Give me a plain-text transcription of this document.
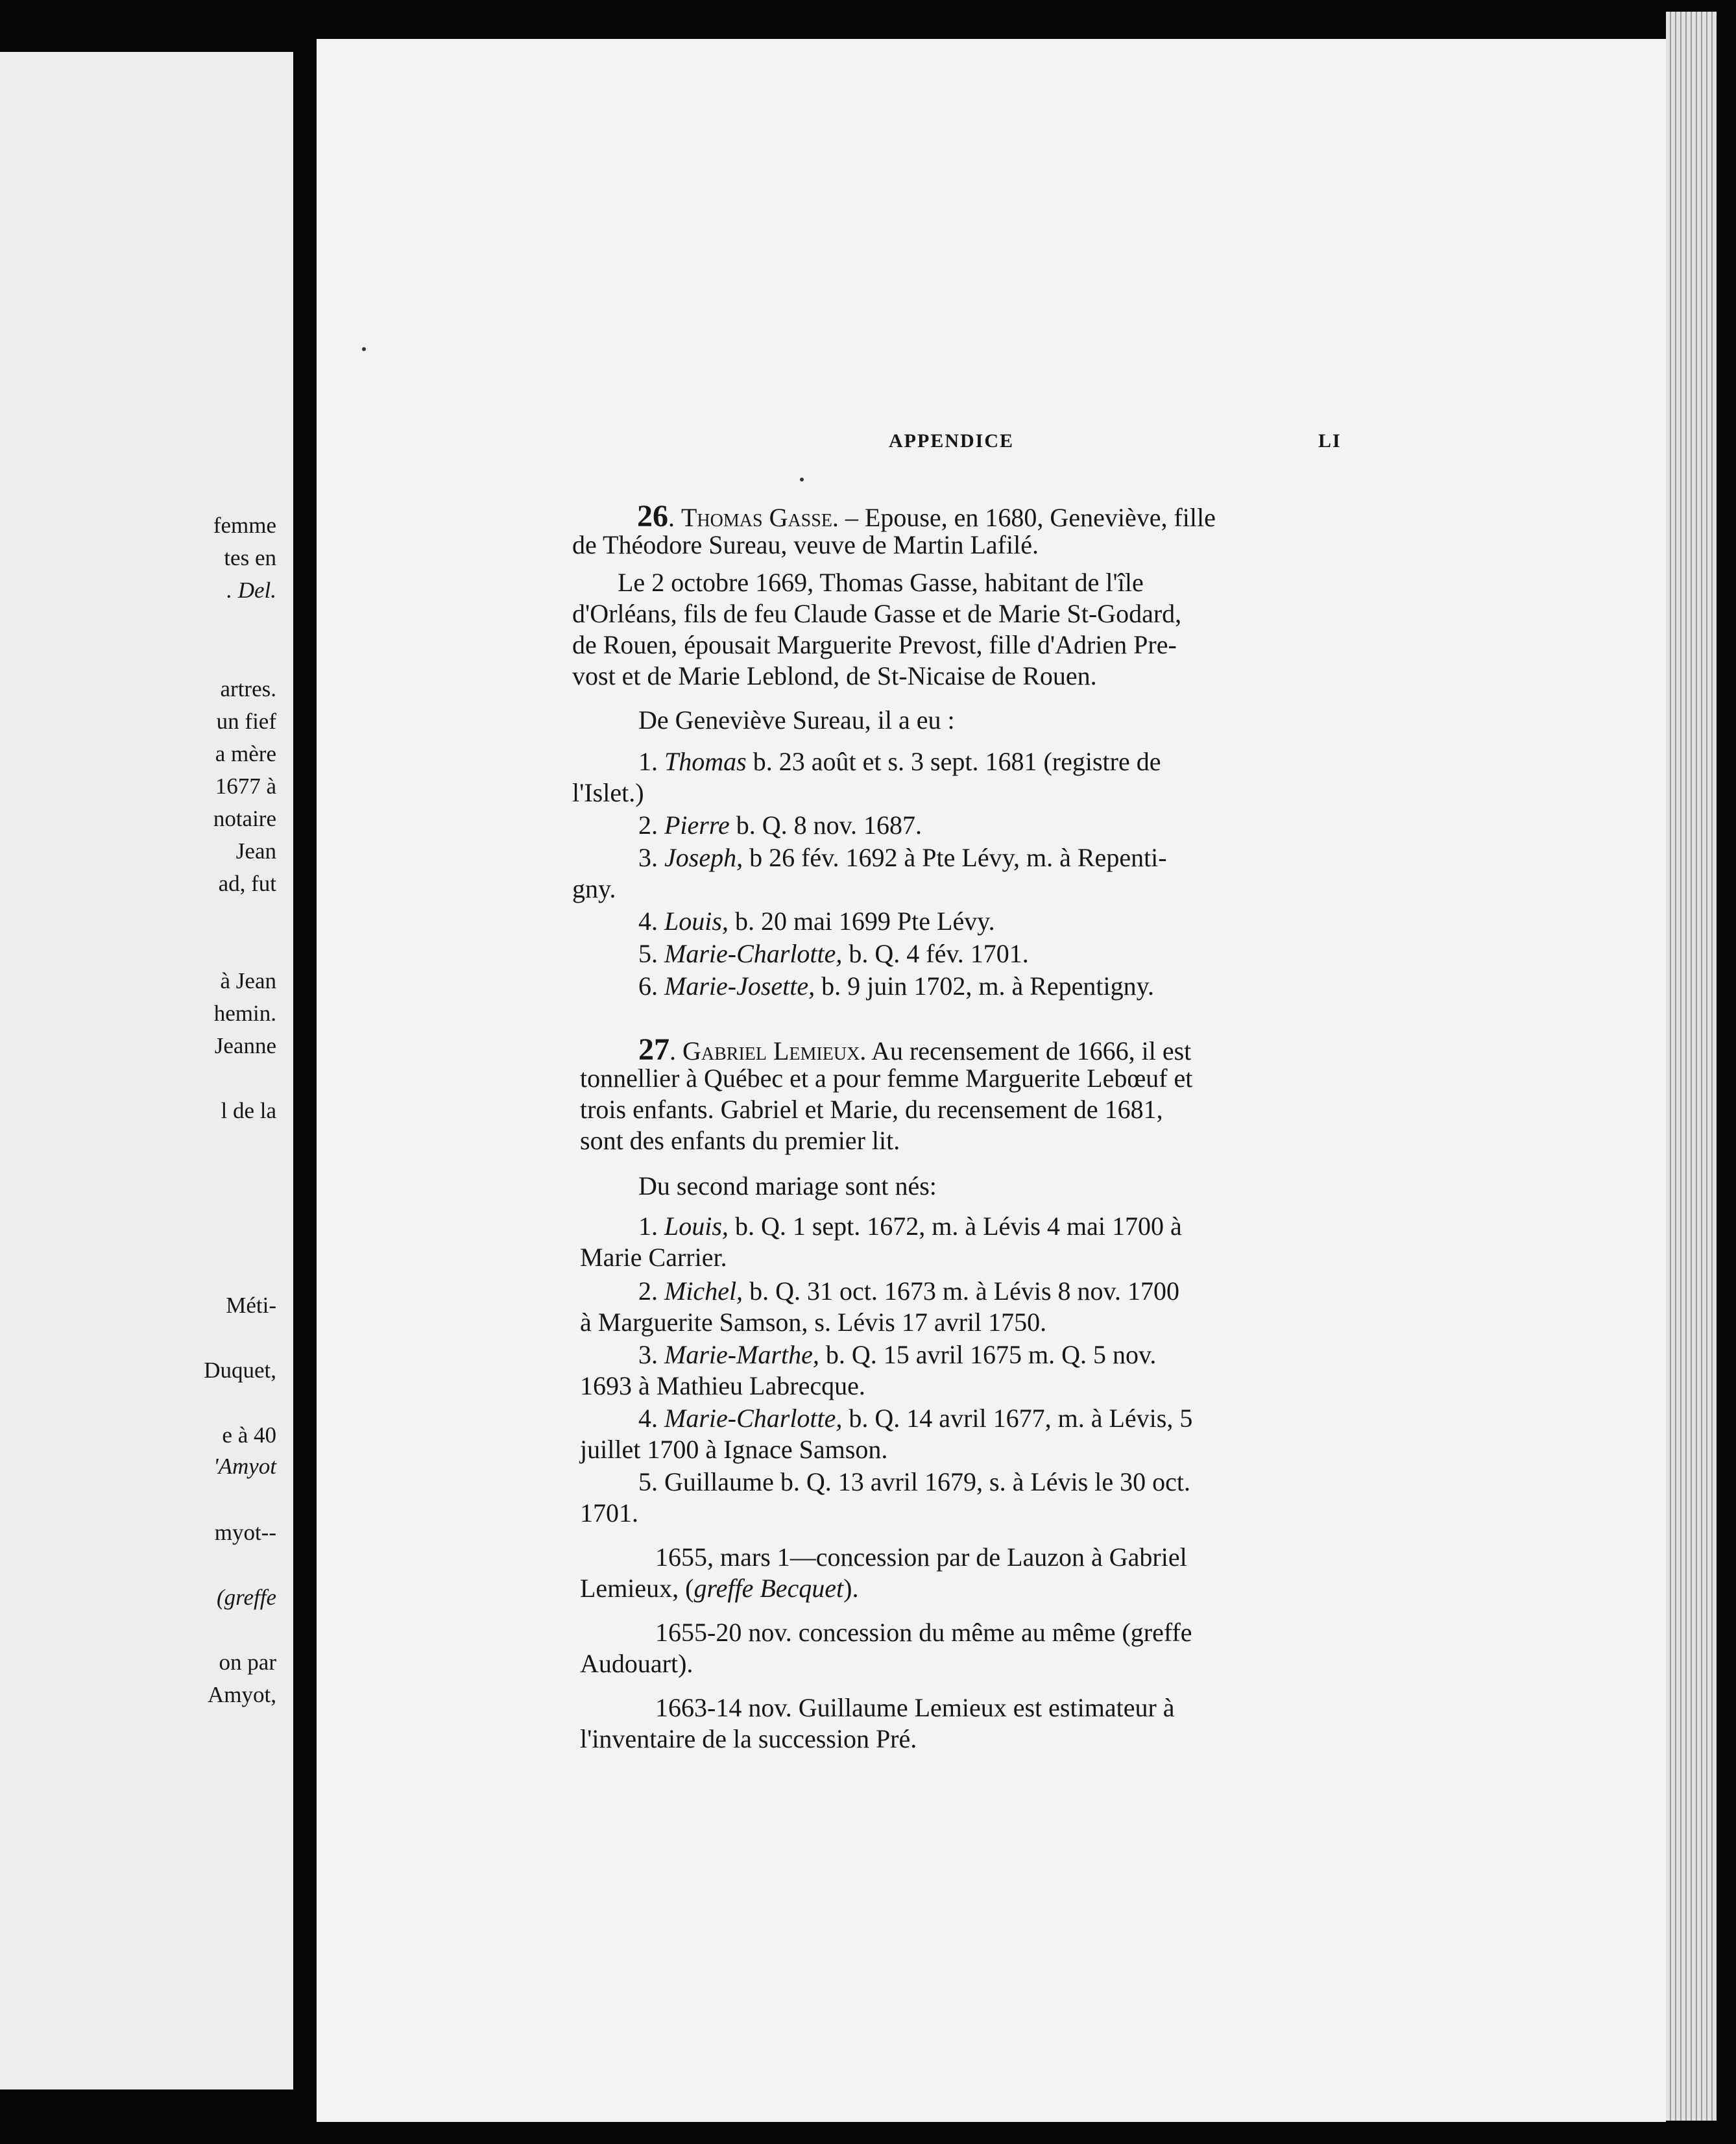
femme
tes en
. Del.
artres.
un fief
a mère
1677 à
notaire
Jean
ad, fut
à Jean
hemin.
Jeanne
l de la
Méti-
Duquet,
e à 40
'Amyot
myot--
(greffe
on par
Amyot,
APPENDICE	LI
26. Thomas Gasse. – Epouse, en 1680, Geneviève, fille
de Théodore Sureau, veuve de Martin Lafilé.
Le 2 octobre 1669, Thomas Gasse, habitant de l'île
d'Orléans, fils de feu Claude Gasse et de Marie St-Godard,
de Rouen, épousait Marguerite Prevost, fille d'Adrien Pre-
vost et de Marie Leblond, de St-Nicaise de Rouen.
De Geneviève Sureau, il a eu :
1. Thomas b. 23 août et s. 3 sept. 1681 (registre de
l'Islet.)
2. Pierre b. Q. 8 nov. 1687.
3. Joseph, b 26 fév. 1692 à Pte Lévy, m. à Repenti-
gny.
4. Louis, b. 20 mai 1699 Pte Lévy.
5. Marie-Charlotte, b. Q. 4 fév. 1701.
6. Marie-Josette, b. 9 juin 1702, m. à Repentigny.
27. Gabriel Lemieux. Au recensement de 1666, il est
tonnellier à Québec et a pour femme Marguerite Lebœuf et
trois enfants. Gabriel et Marie, du recensement de 1681,
sont des enfants du premier lit.
Du second mariage sont nés:
1. Louis, b. Q. 1 sept. 1672, m. à Lévis 4 mai 1700 à
Marie Carrier.
2. Michel, b. Q. 31 oct. 1673 m. à Lévis 8 nov. 1700
à Marguerite Samson, s. Lévis 17 avril 1750.
3. Marie-Marthe, b. Q. 15 avril 1675 m. Q. 5 nov.
1693 à Mathieu Labrecque.
4. Marie-Charlotte, b. Q. 14 avril 1677, m. à Lévis, 5
juillet 1700 à Ignace Samson.
5. Guillaume b. Q. 13 avril 1679, s. à Lévis le 30 oct.
1701.
1655, mars 1—concession par de Lauzon à Gabriel
Lemieux, (greffe Becquet).
1655-20 nov. concession du même au même (greffe
Audouart).
1663-14 nov. Guillaume Lemieux est estimateur à
l'inventaire de la succession Pré.
